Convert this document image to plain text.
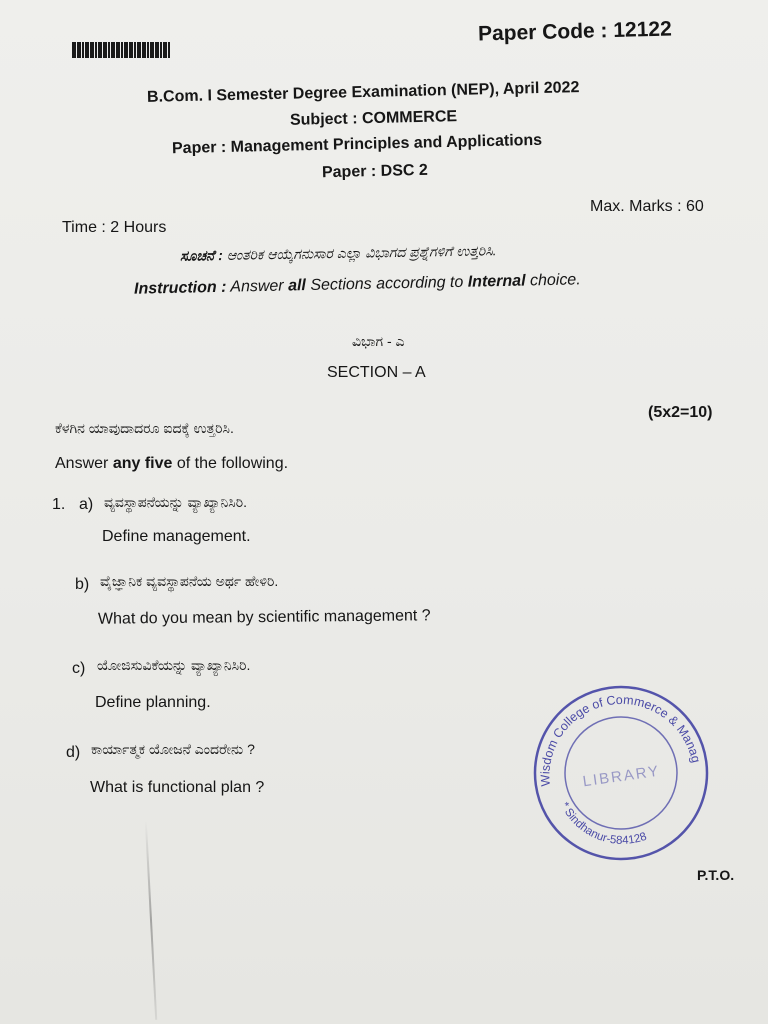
Paper Code : 12122
B.Com. I Semester Degree Examination (NEP), April 2022
Subject : COMMERCE
Paper : Management Principles and Applications
Paper : DSC 2
Max. Marks : 60
Time : 2 Hours
ಸೂಚನೆ : ಆಂತರಿಕ ಆಯ್ಕೆಗನುಸಾರ ಎಲ್ಲಾ ವಿಭಾಗದ ಪ್ರಶ್ನೆಗಳಿಗೆ ಉತ್ತರಿಸಿ.
Instruction : Answer all Sections according to Internal choice.
ವಿಭಾಗ - ಎ
SECTION – A
(5x2=10)
ಕೆಳಗಿನ ಯಾವುದಾದರೂ ಐದಕ್ಕೆ ಉತ್ತರಿಸಿ.
Answer any five of the following.
1. a) ವ್ಯವಸ್ಥಾಪನೆಯನ್ನು ವ್ಯಾಖ್ಯಾನಿಸಿರಿ.
Define management.
b) ವೈಜ್ಞಾನಿಕ ವ್ಯವಸ್ಥಾಪನೆಯ ಅರ್ಥ ಹೇಳಿರಿ.
What do you mean by scientific management ?
c) ಯೋಜಿಸುವಿಕೆಯನ್ನು ವ್ಯಾಖ್ಯಾನಿಸಿರಿ.
Define planning.
d) ಕಾರ್ಯಾತ್ಮಕ ಯೋಜನೆ ಎಂದರೇನು ?
What is functional plan ?	Wisdom College of Commerce & Management
* Sindhanur-584128
LIBRARY
P.T.O.
